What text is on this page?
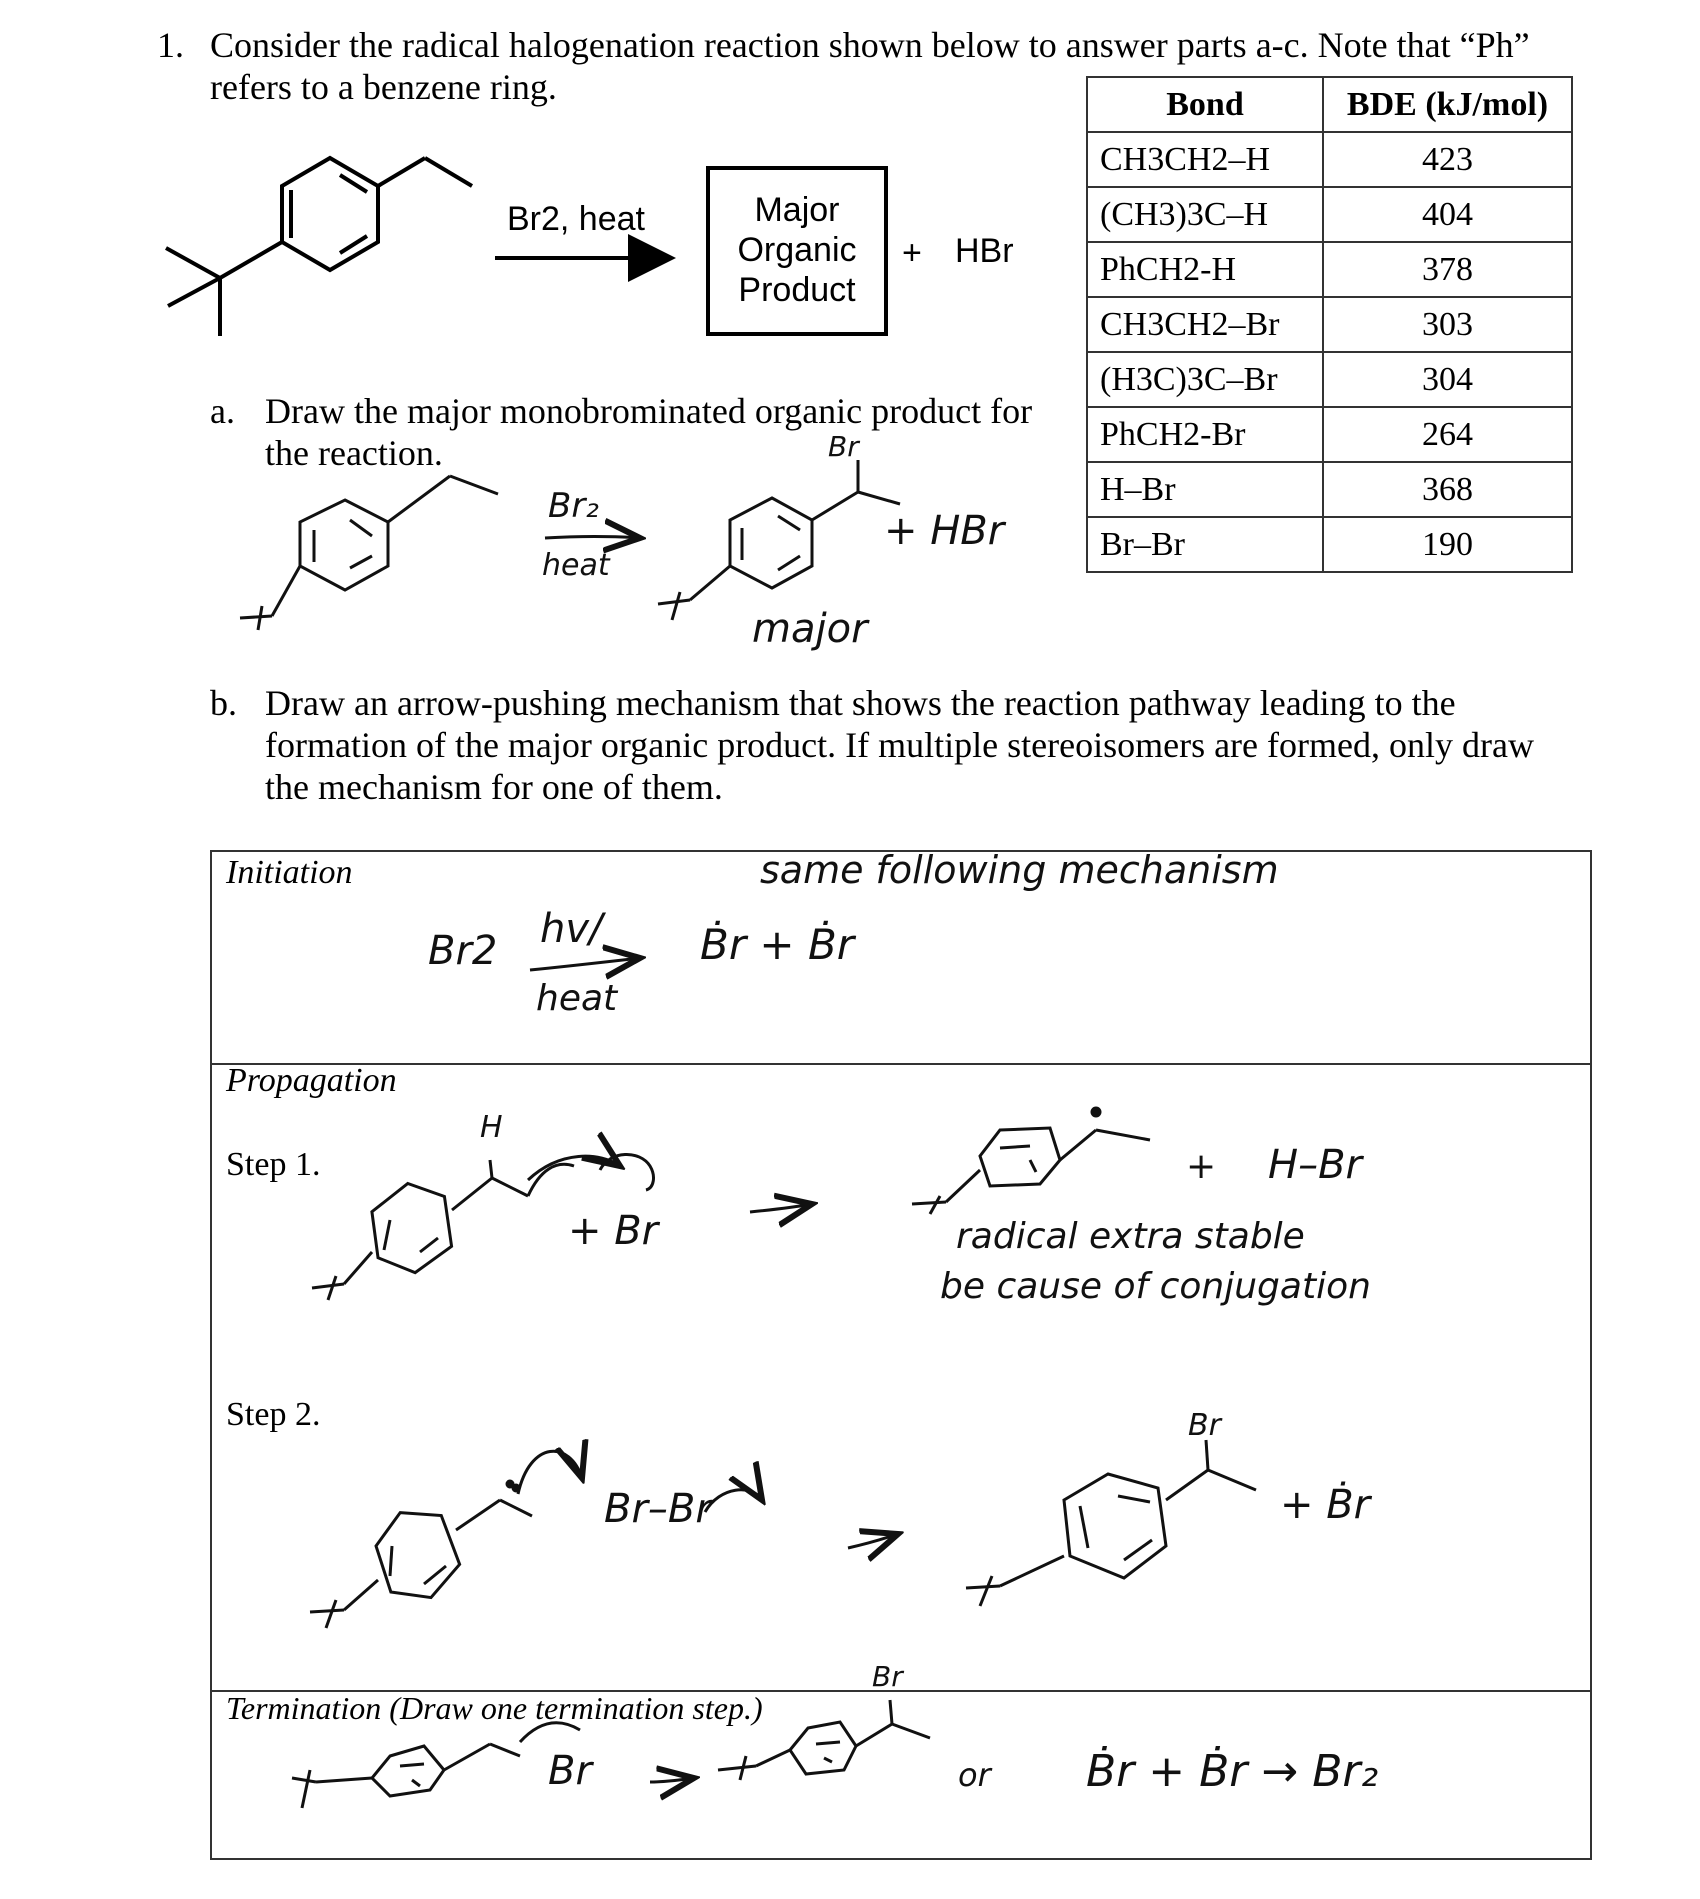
1. Consider the radical halogenation reaction shown below to answer parts a-c. Note that “Ph”
refers to a benzene ring.	Bond	BDE (kJ/mol)
CH3CH2–H	423
(CH3)3C–H	404
PhCH2-H	378
CH3CH2–Br	303
(H3C)3C–Br	304
PhCH2-Br	264
H–Br	368
Br–Br	190
Br2, heat	Major
Organic
Product
+ HBr
a. Draw the major monobrominated organic product for
the reaction.
Br₂
heat
Br
+ HBr
major
b. Draw an arrow-pushing mechanism that shows the reaction pathway leading to the
formation of the major organic product. If multiple stereoisomers are formed, only draw
the mechanism for one of them.
Initiation	same following mechanism
Br2 hv/
heat
Ḃr + Ḃr
Propagation
Step 1.
H
+ Br
+ H–Br
radical extra stable
be cause of conjugation
Step 2.
Br–Br
Br
+ Ḃr
Termination (Draw one termination step.)
Br
Br
or Ḃr + Ḃr → Br₂
